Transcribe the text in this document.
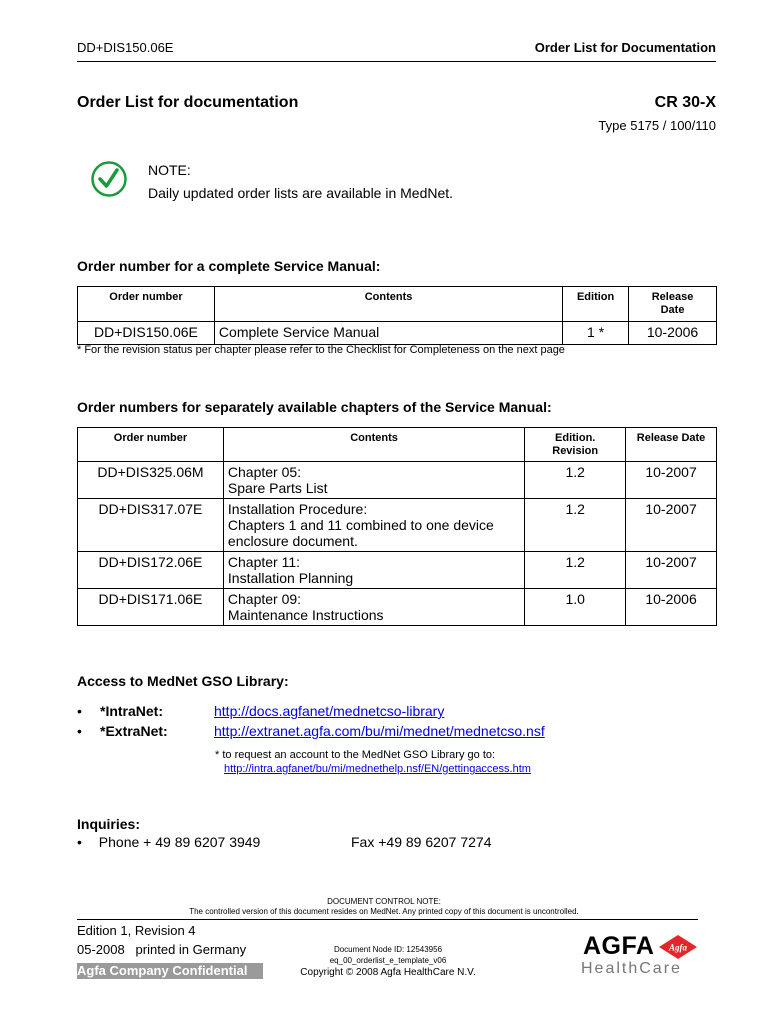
DD+DIS150.06E	Order List for Documentation
Order List for documentation	CR 30-X
Type 5175 / 100/110
NOTE:
Daily updated order lists are available in MedNet.
Order number for a complete Service Manual:
Order number	Contents	Edition	Release
Date
DD+DIS150.06E	Complete Service Manual	1 *	10-2006
* For the revision status per chapter please refer to the Checklist for Completeness on the next page
Order numbers for separately available chapters of the Service Manual:
Order number	Contents	Edition.
Revision	Release Date
DD+DIS325.06M	Chapter 05:
Spare Parts List	1.2	10-2007
DD+DIS317.07E	Installation Procedure:
Chapters 1 and 11 combined to one device
enclosure document.	1.2	10-2007
DD+DIS172.06E	Chapter 11:
Installation Planning	1.2	10-2007
DD+DIS171.06E	Chapter 09:
Maintenance Instructions	1.0	10-2006
Access to MedNet GSO Library:
• *IntraNet:	http://docs.agfanet/mednetcso-library
• *ExtraNet:	http://extranet.agfa.com/bu/mi/mednet/mednetcso.nsf
* to request an account to the MedNet GSO Library go to:
http://intra.agfanet/bu/mi/mednethelp.nsf/EN/gettingaccess.htm
Inquiries:
• Phone + 49 89 6207 3949	Fax +49 89 6207 7274
DOCUMENT CONTROL NOTE:
The controlled version of this document resides on MedNet. Any printed copy of this document is uncontrolled.
Edition 1, Revision 4
05-2008   printed in Germany
Agfa Company Confidential
Document Node ID: 12543956
eq_00_orderlist_e_template_v06
Copyright © 2008 Agfa HealthCare N.V.
AGFA Agfa
HealthCare
